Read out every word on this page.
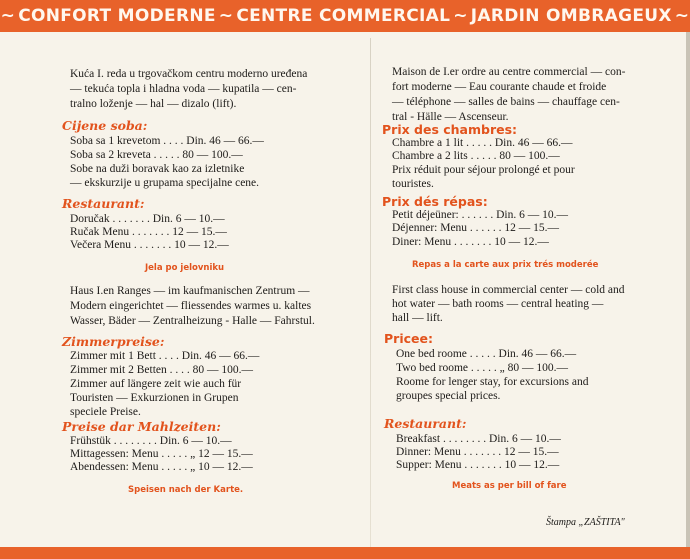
~ CONFORT MODERNE ~ CENTRE COMMERCIAL ~ JARDIN OMBRAGEUX ~
Kuća I. reda u trgovačkom centru moderno uređena
— tekuća topla i hladna voda — kupatila — cen-
tralno loženje — hal — dizalo (lift).
Cijene soba:
Soba sa 1 krevetom . . . . Din. 46 — 66.—
Soba sa 2 kreveta . . . . . 80 — 100.—
Sobe na duži boravak kao za izletnike
— ekskurzije u grupama specijalne cene.
Restaurant:
Doručak . . . . . . . Din. 6 — 10.—
Ručak Menu . . . . . . . 12 — 15.—
Večera Menu . . . . . . . 10 — 12.—
Jela po jelovniku
Haus I.en Ranges — im kaufmanischen Zentrum —
Modern eingerichtet — fliessendes warmes u. kaltes
Wasser, Bäder — Zentralheizung - Halle — Fahrstul.
Zimmerpreise:
Zimmer mit 1 Bett . . . . Din. 46 — 66.—
Zimmer mit 2 Betten . . . . 80 — 100.—
Zimmer auf längere zeit wie auch für
Touristen — Exkurzionen in Grupen
speciele Preise.
Preise dar Mahlzeiten:
Frühstük . . . . . . . . Din. 6 — 10.—
Mittagessen: Menu . . . . . „ 12 — 15.—
Abendessen: Menu . . . . . „ 10 — 12.—
Speisen nach der Karte.
Maison de I.er ordre au centre commercial — con-
fort moderne — Eau courante chaude et froide
— téléphone — salles de bains — chauffage cen-
tral - Hälle — Ascenseur.
Prix des chambres:
Chambre a 1 lit . . . . . Din. 46 — 66.—
Chambre a 2 lits . . . . . 80 — 100.—
Prix réduit pour séjour prolongé et pour
touristes.
Prix dés répas:
Petit déjeüner: . . . . . . Din. 6 — 10.—
Déjenner: Menu . . . . . . 12 — 15.—
Diner: Menu . . . . . . . 10 — 12.—
Repas a la carte aux prix trés moderée
First class house in commercial center — cold and
hot water — bath rooms — central heating —
hall — lift.
Pricee:
One bed roome . . . . . Din. 46 — 66.—
Two bed roome . . . . . „ 80 — 100.—
Roome for lenger stay, for excursions and
groupes special prices.
Restaurant:
Breakfast . . . . . . . . Din. 6 — 10.—
Dinner: Menu . . . . . . . 12 — 15.—
Supper: Menu . . . . . . . 10 — 12.—
Meats as per bill of fare
Štampa „ZAŠTITA"
